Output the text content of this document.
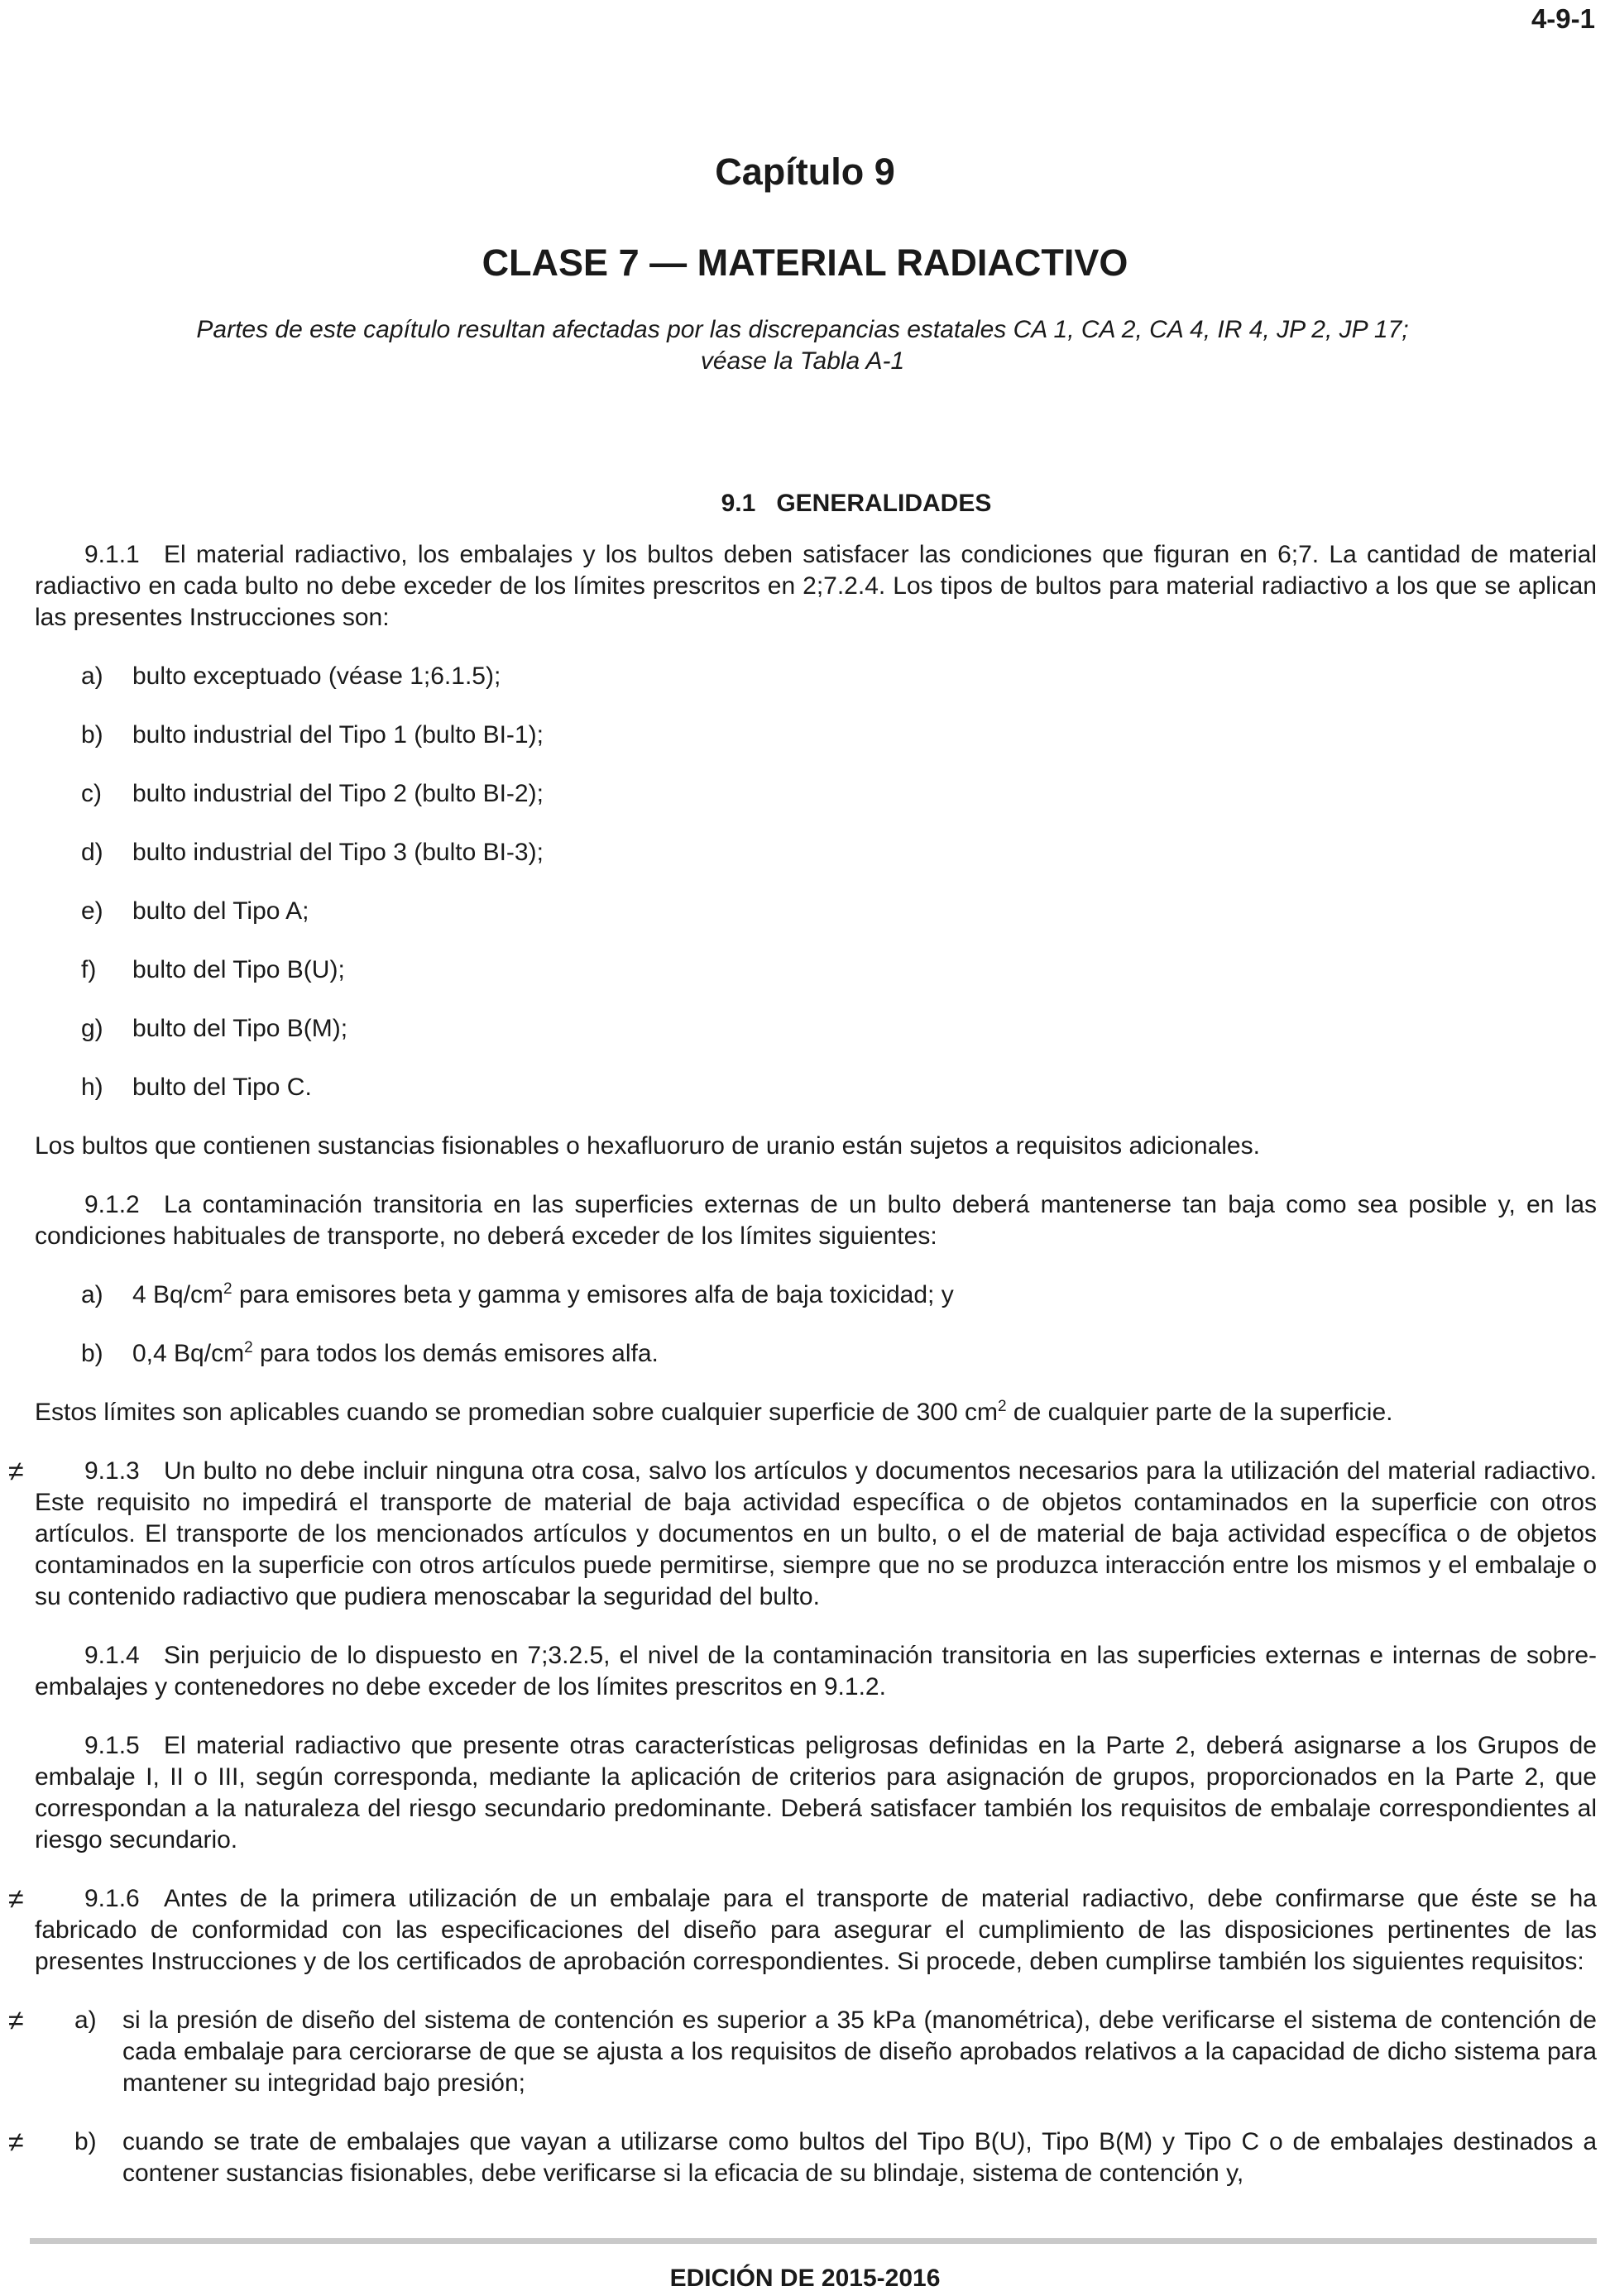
4-9-1
Capítulo 9
CLASE 7 — MATERIAL RADIACTIVO
Partes de este capítulo resultan afectadas por las discrepancias estatales CA 1, CA 2, CA 4, IR 4, JP 2, JP 17;
véase la Tabla A-1
9.1   GENERALIDADES

9.1.1 El material radiactivo, los embalajes y los bultos deben satisfacer las condiciones que figuran en 6;7. La cantidad de material radiactivo en cada bulto no debe exceder de los límites prescritos en 2;7.2.4. Los tipos de bultos para material radiactivo a los que se aplican las presentes Instrucciones son:

a) bulto exceptuado (véase 1;6.1.5);
b) bulto industrial del Tipo 1 (bulto BI-1);
c) bulto industrial del Tipo 2 (bulto BI-2);
d) bulto industrial del Tipo 3 (bulto BI-3);
e) bulto del Tipo A;
f) bulto del Tipo B(U);
g) bulto del Tipo B(M);
h) bulto del Tipo C.

Los bultos que contienen sustancias fisionables o hexafluoruro de uranio están sujetos a requisitos adicionales.

9.1.2 La contaminación transitoria en las superficies externas de un bulto deberá mantenerse tan baja como sea posible y, en las condiciones habituales de transporte, no deberá exceder de los límites siguientes:

a) 4 $Bq/cm^2$ para emisores beta y gamma y emisores alfa de baja toxicidad; y
b) 0,4 $Bq/cm^2$ para todos los demás emisores alfa.

Estos límites son aplicables cuando se promedian sobre cualquier superficie de 300 $cm^2$ de cualquier parte de la superficie.

≠ 9.1.3 Un bulto no debe incluir ninguna otra cosa, salvo los artículos y documentos necesarios para la utilización del material radiactivo. Este requisito no impedirá el transporte de material de baja actividad específica o de objetos contaminados en la superficie con otros artículos. El transporte de los mencionados artículos y documentos en un bulto, o el de material de baja actividad específica o de objetos contaminados en la superficie con otros artículos puede permitirse, siempre que no se produzca interacción entre los mismos y el embalaje o su contenido radiactivo que pudiera menoscabar la seguridad del bulto.

9.1.4 Sin perjuicio de lo dispuesto en 7;3.2.5, el nivel de la contaminación transitoria en las superficies externas e internas de sobre-embalajes y contenedores no debe exceder de los límites prescritos en 9.1.2.

9.1.5 El material radiactivo que presente otras características peligrosas definidas en la Parte 2, deberá asignarse a los Grupos de embalaje I, II o III, según corresponda, mediante la aplicación de criterios para asignación de grupos, proporcionados en la Parte 2, que correspondan a la naturaleza del riesgo secundario predominante. Deberá satisfacer también los requisitos de embalaje correspondientes al riesgo secundario.

≠ 9.1.6 Antes de la primera utilización de un embalaje para el transporte de material radiactivo, debe confirmarse que éste se ha fabricado de conformidad con las especificaciones del diseño para asegurar el cumplimiento de las disposiciones pertinentes de las presentes Instrucciones y de los certificados de aprobación correspondientes. Si procede, deben cumplirse también los siguientes requisitos:

≠ a) si la presión de diseño del sistema de contención es superior a 35 kPa (manométrica), debe verificarse el sistema de contención de cada embalaje para cerciorarse de que se ajusta a los requisitos de diseño aprobados relativos a la capacidad de dicho sistema para mantener su integridad bajo presión;
≠ b) cuando se trate de embalajes que vayan a utilizarse como bultos del Tipo B(U), Tipo B(M) y Tipo C o de embalajes destinados a contener sustancias fisionables, debe verificarse si la eficacia de su blindaje, sistema de contención y,
EDICIÓN DE 2015-2016
